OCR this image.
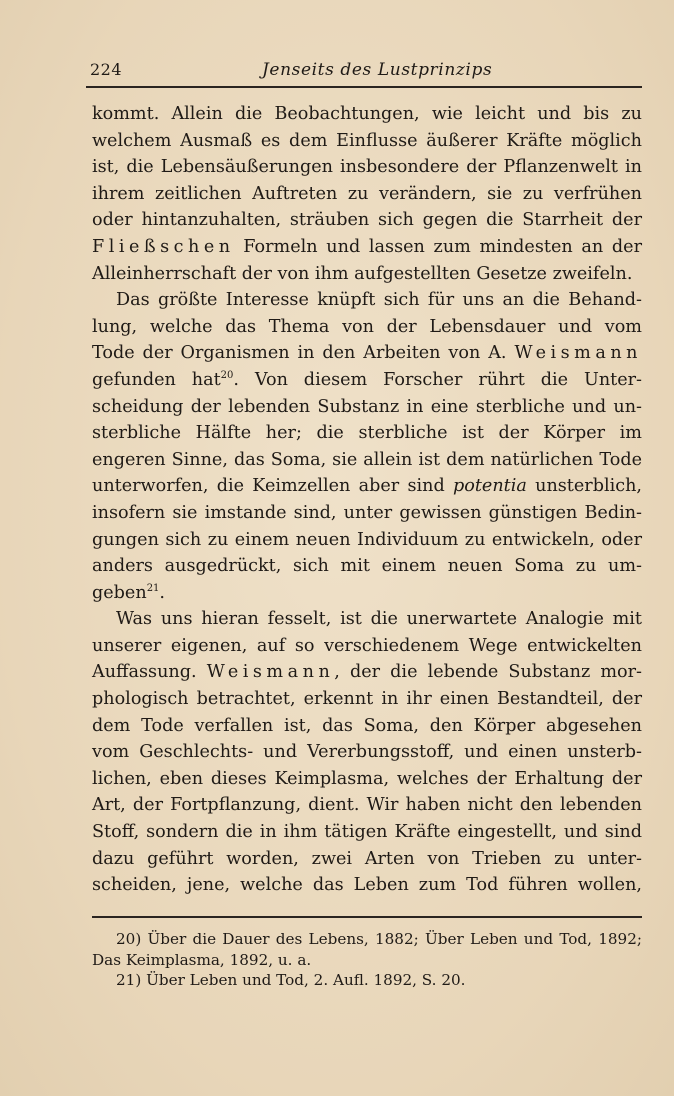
224	Jenseits des Lustprinzips
kommt. Allein die Beobachtungen, wie leicht und bis zu
welchem Ausmaß es dem Einflusse äußerer Kräfte möglich
ist, die Lebensäußerungen insbesondere der Pflanzenwelt in
ihrem zeitlichen Auftreten zu verändern, sie zu verfrühen
oder hintanzuhalten, sträuben sich gegen die Starrheit der
Fließschen Formeln und lassen zum mindesten an der
Alleinherrschaft der von ihm aufgestellten Gesetze zweifeln.
Das größte Interesse knüpft sich für uns an die Behand-
lung, welche das Thema von der Lebensdauer und vom
Tode der Organismen in den Arbeiten von A. Weismann
gefunden hat$^{20}$. Von diesem Forscher rührt die Unter-
scheidung der lebenden Substanz in eine sterbliche und un-
sterbliche Hälfte her; die sterbliche ist der Körper im
engeren Sinne, das Soma, sie allein ist dem natürlichen Tode
unterworfen, die Keimzellen aber sind potentia unsterblich,
insofern sie imstande sind, unter gewissen günstigen Bedin-
gungen sich zu einem neuen Individuum zu entwickeln, oder
anders ausgedrückt, sich mit einem neuen Soma zu um-
geben$^{21}$.
Was uns hieran fesselt, ist die unerwartete Analogie mit
unserer eigenen, auf so verschiedenem Wege entwickelten
Auffassung. Weismann, der die lebende Substanz mor-
phologisch betrachtet, erkennt in ihr einen Bestandteil, der
dem Tode verfallen ist, das Soma, den Körper abgesehen
vom Geschlechts- und Vererbungsstoff, und einen unsterb-
lichen, eben dieses Keimplasma, welches der Erhaltung der
Art, der Fortpflanzung, dient. Wir haben nicht den lebenden
Stoff, sondern die in ihm tätigen Kräfte eingestellt, und sind
dazu geführt worden, zwei Arten von Trieben zu unter-
scheiden, jene, welche das Leben zum Tod führen wollen,
20) Über die Dauer des Lebens, 1882; Über Leben und Tod, 1892;
Das Keimplasma, 1892, u. a.
21) Über Leben und Tod, 2. Aufl. 1892, S. 20.
